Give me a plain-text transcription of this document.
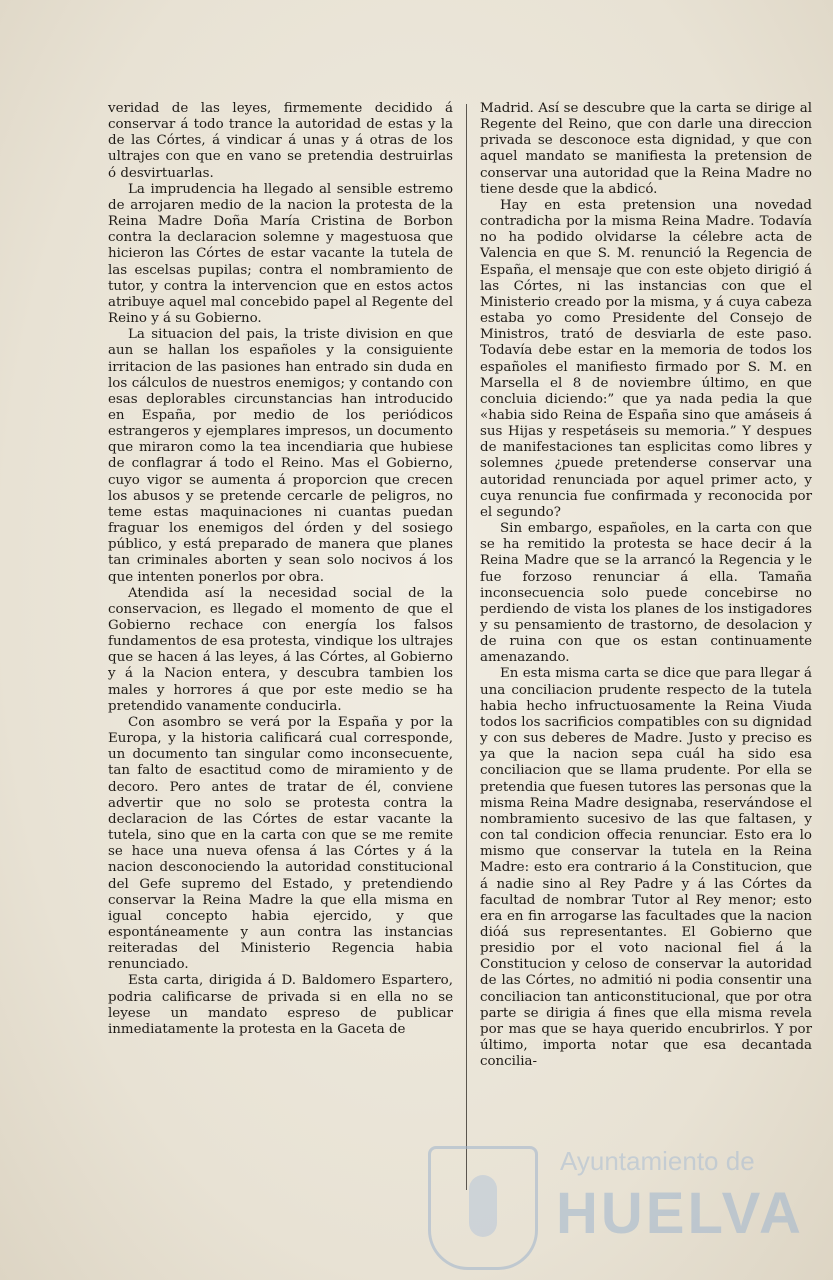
veridad de las leyes, firmemente decidido á conservar á todo trance la autoridad de estas y la de las Córtes, á vindicar á unas y á otras de los ultrajes con que en vano se pretendia destruirlas ó desvirtuarlas.

La imprudencia ha llegado al sensible estremo de arrojaren medio de la nacion la protesta de la Reina Madre Doña María Cristina de Borbon contra la declaracion solemne y magestuosa que hicieron las Córtes de estar vacante la tutela de las escelsas pupilas; contra el nombramiento de tutor, y contra la intervencion que en estos actos atribuye aquel mal concebido papel al Regente del Reino y á su Gobierno.

La situacion del pais, la triste division en que aun se hallan los españoles y la consiguiente irritacion de las pasiones han entrado sin duda en los cálculos de nuestros enemigos; y contando con esas deplorables circunstancias han introducido en España, por medio de los periódicos estrangeros y ejemplares impresos, un documento que miraron como la tea incendiaria que hubiese de conflagrar á todo el Reino. Mas el Gobierno, cuyo vigor se aumenta á proporcion que crecen los abusos y se pretende cercarle de peligros, no teme estas maquinaciones ni cuantas puedan fraguar los enemigos del órden y del sosiego público, y está preparado de manera que planes tan criminales aborten y sean solo nocivos á los que intenten ponerlos por obra.

Atendida así la necesidad social de la conservacion, es llegado el momento de que el Gobierno rechace con energía los falsos fundamentos de esa protesta, vindique los ultrajes que se hacen á las leyes, á las Córtes, al Gobierno y á la Nacion entera, y descubra tambien los males y horrores á que por este medio se ha pretendido vanamente conducirla.

Con asombro se verá por la España y por la Europa, y la historia calificará cual corresponde, un documento tan singular como inconsecuente, tan falto de esactitud como de miramiento y de decoro. Pero antes de tratar de él, conviene advertir que no solo se protesta contra la declaracion de las Córtes de estar vacante la tutela, sino que en la carta con que se me remite se hace una nueva ofensa á las Córtes y á la nacion desconociendo la autoridad constitucional del Gefe supremo del Estado, y pretendiendo conservar la Reina Madre la que ella misma en igual concepto habia ejercido, y que espontáneamente y aun contra las instancias reiteradas del Ministerio Regencia habia renunciado.

Esta carta, dirigida á D. Baldomero Espartero, podria calificarse de privada si en ella no se leyese un mandato espreso de publicar inmediatamente la protesta en la Gaceta de

Madrid. Así se descubre que la carta se dirige al Regente del Reino, que con darle una direccion privada se desconoce esta dignidad, y que con aquel mandato se manifiesta la pretension de conservar una autoridad que la Reina Madre no tiene desde que la abdicó.

Hay en esta pretension una novedad contradicha por la misma Reina Madre. Todavía no ha podido olvidarse la célebre acta de Valencia en que S. M. renunció la Regencia de España, el mensaje que con este objeto dirigió á las Córtes, ni las instancias con que el Ministerio creado por la misma, y á cuya cabeza estaba yo como Presidente del Consejo de Ministros, trató de desviarla de este paso. Todavía debe estar en la memoria de todos los españoles el manifiesto firmado por S. M. en Marsella el 8 de noviembre último, en que concluia diciendo:” que ya nada pedia la que «habia sido Reina de España sino que amáseis á sus Hijas y respetáseis su memoria.” Y despues de manifestaciones tan esplicitas como libres y solemnes ¿puede pretenderse conservar una autoridad renunciada por aquel primer acto, y cuya renuncia fue confirmada y reconocida por el segundo?

Sin embargo, españoles, en la carta con que se ha remitido la protesta se hace decir á la Reina Madre que se la arrancó la Regencia y le fue forzoso renunciar á ella. Tamaña inconsecuencia solo puede concebirse no perdiendo de vista los planes de los instigadores y su pensamiento de trastorno, de desolacion y de ruina con que os estan continuamente amenazando.

En esta misma carta se dice que para llegar á una conciliacion prudente respecto de la tutela habia hecho infructuosamente la Reina Viuda todos los sacrificios compatibles con su dignidad y con sus deberes de Madre. Justo y preciso es ya que la nacion sepa cuál ha sido esa conciliacion que se llama prudente. Por ella se pretendia que fuesen tutores las personas que la misma Reina Madre designaba, reservándose el nombramiento sucesivo de las que faltasen, y con tal condicion offecia renunciar. Esto era lo mismo que conservar la tutela en la Reina Madre: esto era contrario á la Constitucion, que á nadie sino al Rey Padre y á las Córtes da facultad de nombrar Tutor al Rey menor; esto era en fin arrogarse las facultades que la nacion dióá sus representantes. El Gobierno que presidio por el voto nacional fiel á la Constitucion y celoso de conservar la autoridad de las Córtes, no admitió ni podia consentir una conciliacion tan anticonstitucional, que por otra parte se dirigia á fines que ella misma revela por mas que se haya querido encubrirlos. Y por último, importa notar que esa decantada concilia-

Ayuntamiento de
HUELVA
